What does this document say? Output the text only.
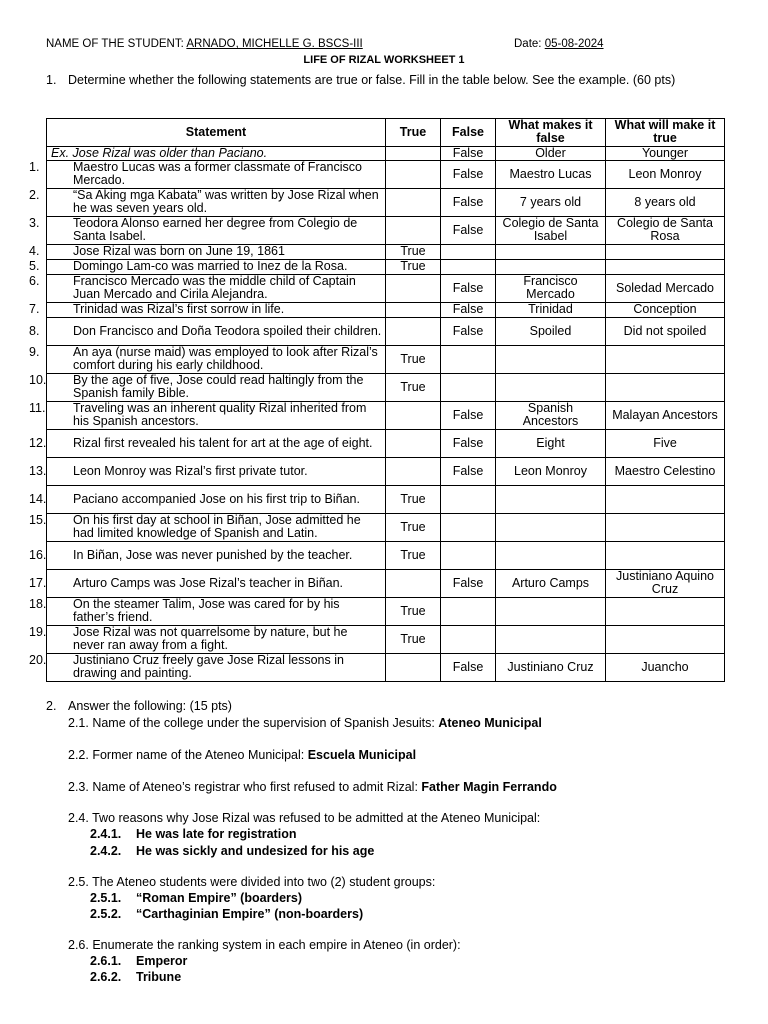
NAME OF THE STUDENT: ARNADO, MICHELLE G. BSCS-III	Date: 05-08-2024
LIFE OF RIZAL WORKSHEET 1
1. Determine whether the following statements are true or false. Fill in the table below. See the example. (60 pts)
Statement	True	False	What makes it false	What will make it true
Ex. Jose Rizal was older than Paciano.		False	Older	Younger

1. Maestro Lucas was a former classmate of Francisco Mercado.		False	Maestro Lucas	Leon Monroy

2. “Sa Aking mga Kabata” was written by Jose Rizal when he was seven years old.		False	7 years old	8 years old

3. Teodora Alonso earned her degree from Colegio de Santa Isabel.		False	Colegio de Santa Isabel	Colegio de Santa Rosa

4. Jose Rizal was born on June 19, 1861	True			

5. Domingo Lam-co was married to Inez de la Rosa.	True			

6. Francisco Mercado was the middle child of Captain Juan Mercado and Cirila Alejandra.		False	Francisco Mercado	Soledad Mercado

7. Trinidad was Rizal’s first sorrow in life.		False	Trinidad	Conception

8. Don Francisco and Doña Teodora spoiled their children.		False	Spoiled	Did not spoiled

9. An aya (nurse maid) was employed to look after Rizal’s comfort during his early childhood.	True			

10. By the age of five, Jose could read haltingly from the Spanish family Bible.	True			

11. Traveling was an inherent quality Rizal inherited from his Spanish ancestors.		False	Spanish Ancestors	Malayan Ancestors

12. Rizal first revealed his talent for art at the age of eight.		False	Eight	Five

13. Leon Monroy was Rizal’s first private tutor.		False	Leon Monroy	Maestro Celestino

14. Paciano accompanied Jose on his first trip to Biñan.	True			

15. On his first day at school in Biñan, Jose admitted he had limited knowledge of Spanish and Latin.	True			

16. In Biñan, Jose was never punished by the teacher.	True			

17. Arturo Camps was Jose Rizal’s teacher in Biñan.		False	Arturo Camps	Justiniano Aquino Cruz

18. On the steamer Talim, Jose was cared for by his father’s friend.	True			

19. Jose Rizal was not quarrelsome by nature, but he never ran away from a fight.	True			

20. Justiniano Cruz freely gave Jose Rizal lessons in drawing and painting.		False	Justiniano Cruz	Juancho
2. Answer the following: (15 pts)
2.1. Name of the college under the supervision of Spanish Jesuits: Ateneo Municipal
2.2. Former name of the Ateneo Municipal: Escuela Municipal
2.3. Name of Ateneo’s registrar who first refused to admit Rizal: Father Magin Ferrando
2.4. Two reasons why Jose Rizal was refused to be admitted at the Ateneo Municipal:
2.4.1. He was late for registration
2.4.2. He was sickly and undesized for his age
2.5. The Ateneo students were divided into two (2) student groups:
2.5.1. “Roman Empire” (boarders)
2.5.2. “Carthaginian Empire” (non-boarders)
2.6. Enumerate the ranking system in each empire in Ateneo (in order):
2.6.1. Emperor
2.6.2. Tribune
